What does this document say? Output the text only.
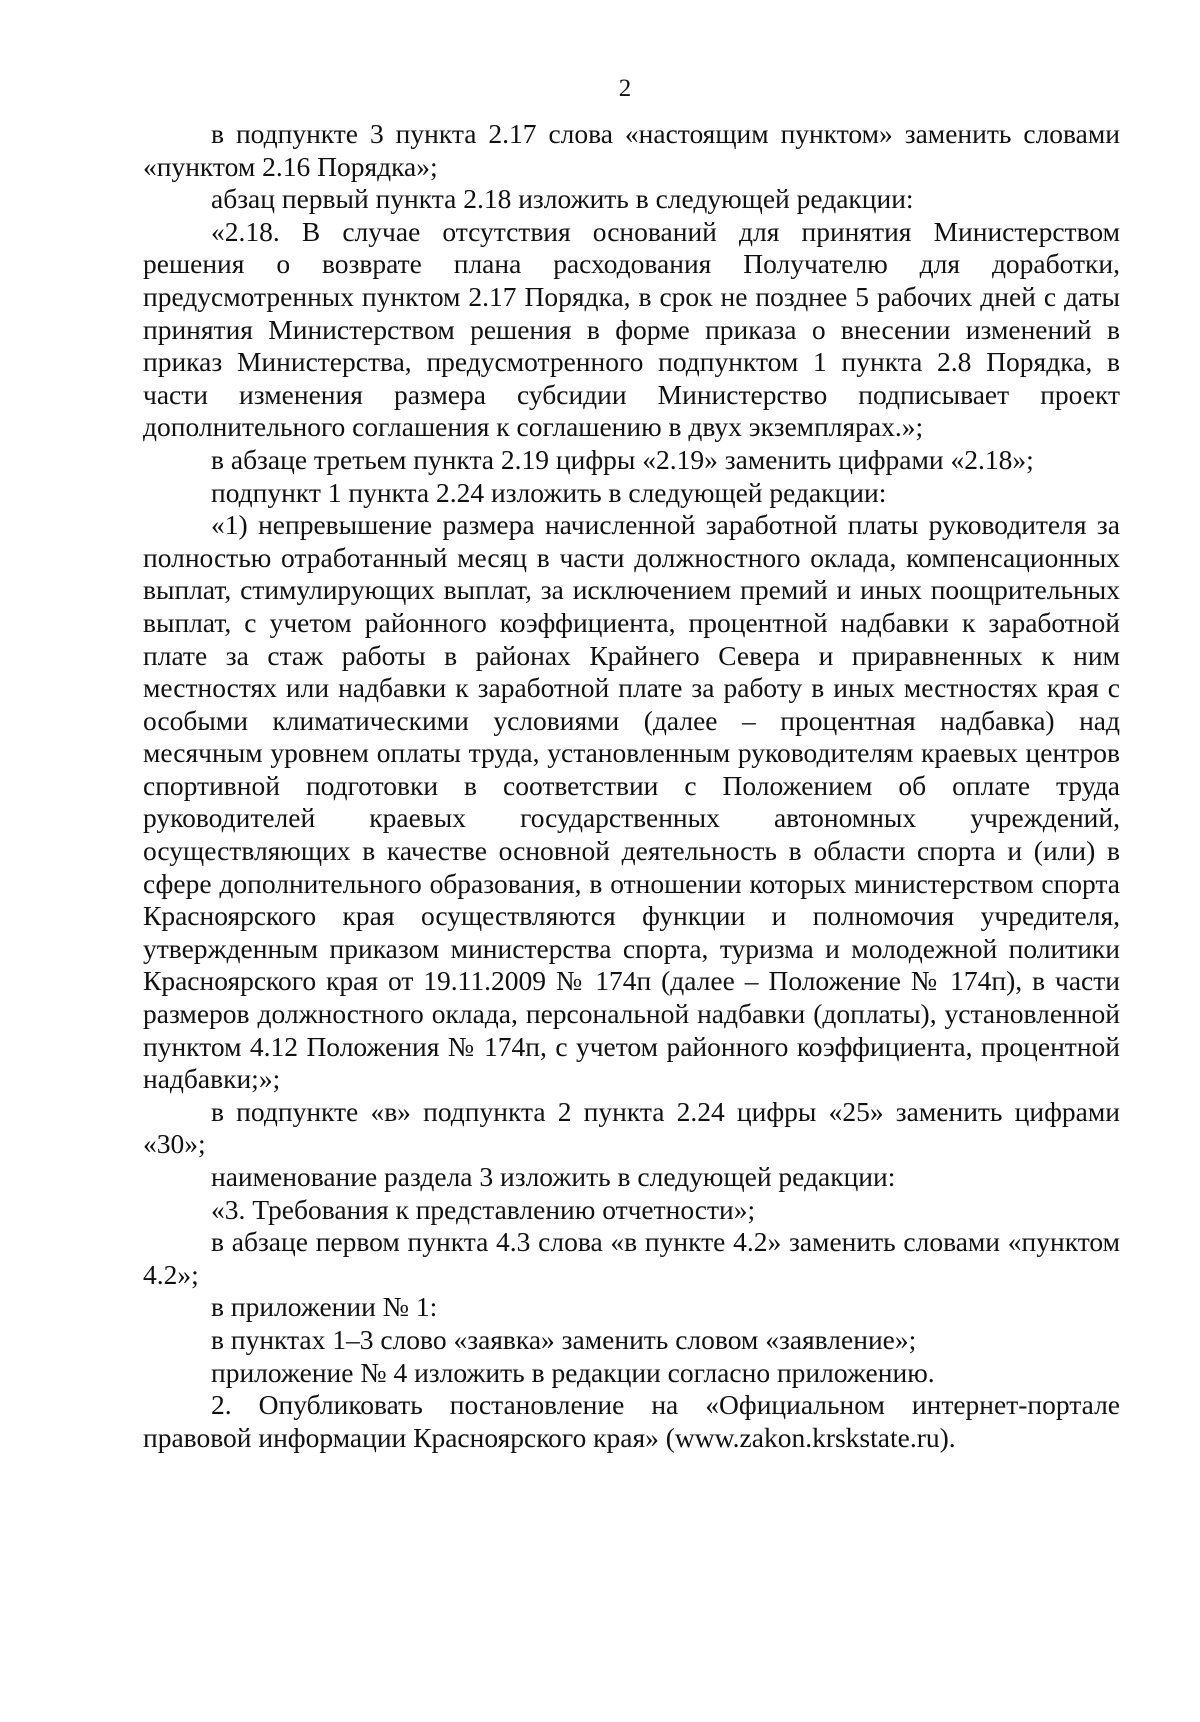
2

в подпункте 3 пункта 2.17 слова «настоящим пунктом» заменить словами «пунктом 2.16 Порядка»;

абзац первый пункта 2.18 изложить в следующей редакции:

«2.18. В случае отсутствия оснований для принятия Министерством решения о возврате плана расходования Получателю для доработки, предусмотренных пунктом 2.17 Порядка, в срок не позднее 5 рабочих дней с даты принятия Министерством решения в форме приказа о внесении изменений в приказ Министерства, предусмотренного подпунктом 1 пункта 2.8 Порядка, в части изменения размера субсидии Министерство подписывает проект дополнительного соглашения к соглашению в двух экземплярах.»;

в абзаце третьем пункта 2.19 цифры «2.19» заменить цифрами «2.18»;

подпункт 1 пункта 2.24 изложить в следующей редакции:

«1) непревышение размера начисленной заработной платы руководителя за полностью отработанный месяц в части должностного оклада, компенсационных выплат, стимулирующих выплат, за исключением премий и иных поощрительных выплат, с учетом районного коэффициента, процентной надбавки к заработной плате за стаж работы в районах Крайнего Севера и приравненных к ним местностях или надбавки к заработной плате за работу в иных местностях края с особыми климатическими условиями (далее – процентная надбавка) над месячным уровнем оплаты труда, установленным руководителям краевых центров спортивной подготовки в соответствии с Положением об оплате труда руководителей краевых государственных автономных учреждений, осуществляющих в качестве основной деятельность в области спорта и (или) в сфере дополнительного образования, в отношении которых министерством спорта Красноярского края осуществляются функции и полномочия учредителя, утвержденным приказом министерства спорта, туризма и молодежной политики Красноярского края от 19.11.2009 № 174п (далее – Положение № 174п), в части размеров должностного оклада, персональной надбавки (доплаты), установленной пунктом 4.12 Положения № 174п, с учетом районного коэффициента, процентной надбавки;»;

в подпункте «в» подпункта 2 пункта 2.24 цифры «25» заменить цифрами «30»;

наименование раздела 3 изложить в следующей редакции:

«3. Требования к представлению отчетности»;

в абзаце первом пункта 4.3 слова «в пункте 4.2» заменить словами «пунктом 4.2»;

в приложении № 1:

в пунктах 1–3 слово «заявка» заменить словом «заявление»;

приложение № 4 изложить в редакции согласно приложению.

2. Опубликовать постановление на «Официальном интернет-портале правовой информации Красноярского края» (www.zakon.krskstate.ru).
